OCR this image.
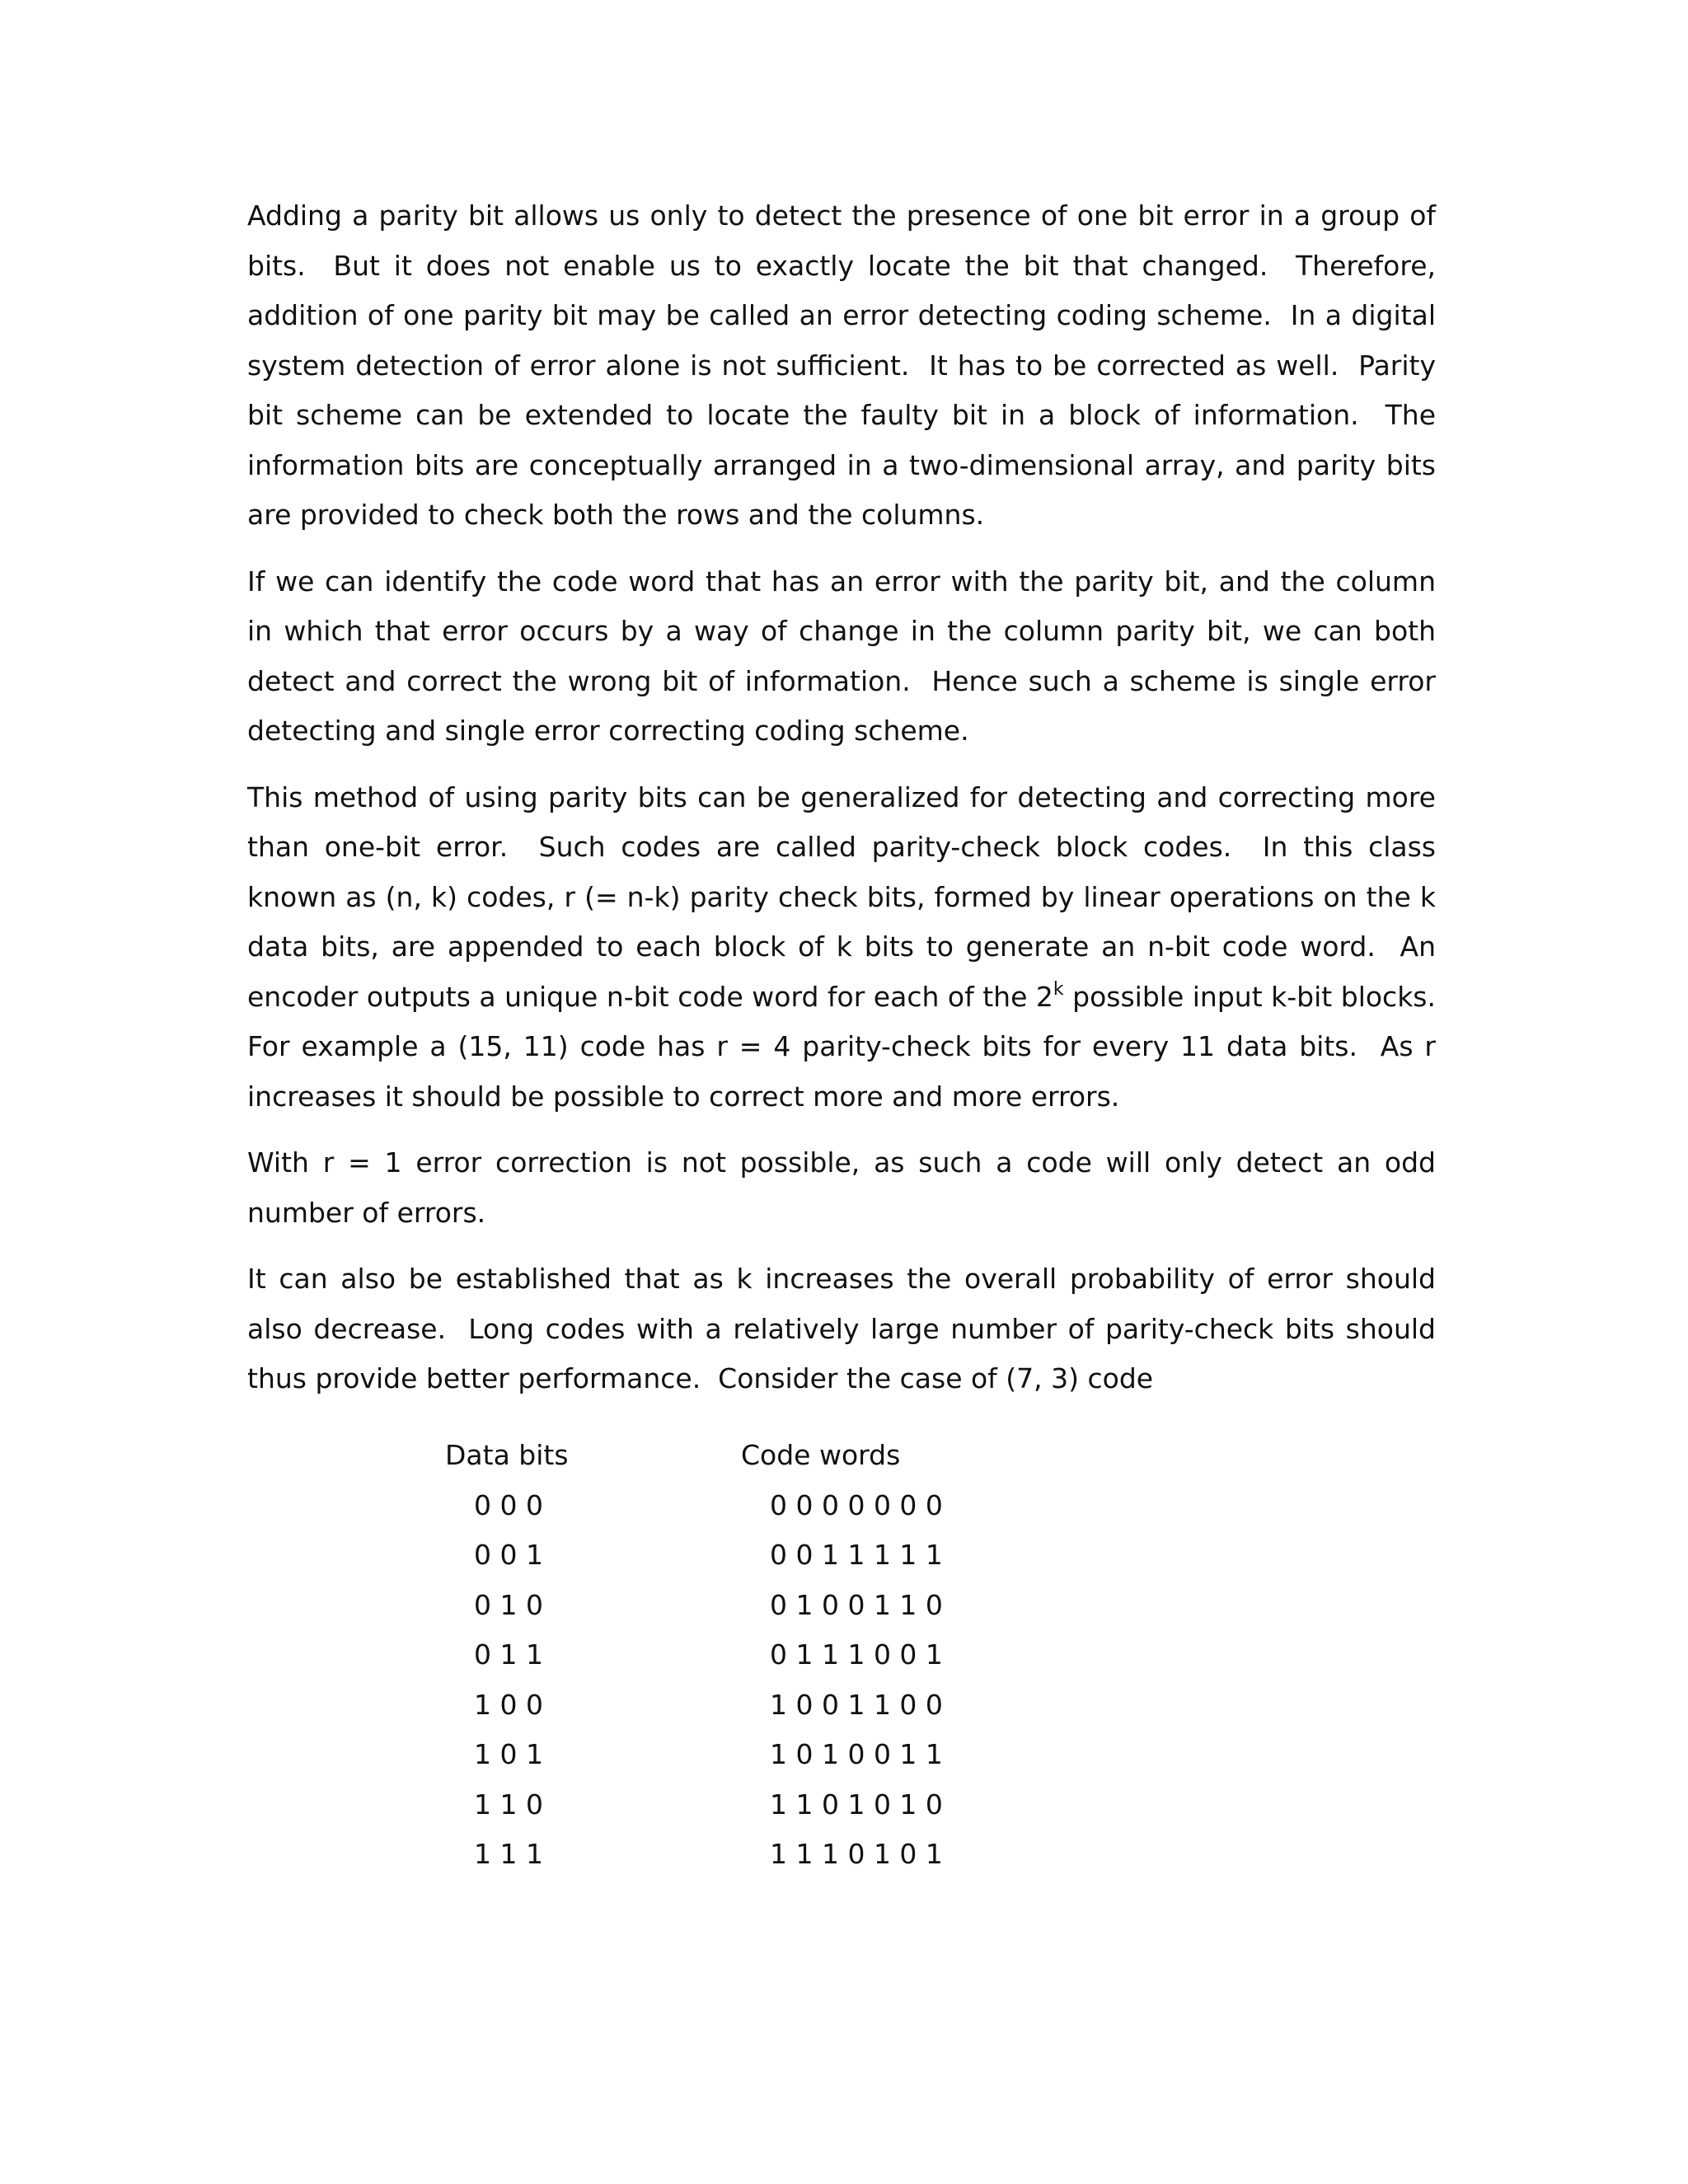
Adding a parity bit allows us only to detect the presence of one bit error in a group of bits.  But it does not enable us to exactly locate the bit that changed.  Therefore, addition of one parity bit may be called an error detecting coding scheme.  In a digital system detection of error alone is not sufficient.  It has to be corrected as well.  Parity bit scheme can be extended to locate the faulty bit in a block of information.  The information bits are conceptually arranged in a two-dimensional array, and parity bits are provided to check both the rows and the columns.

If we can identify the code word that has an error with the parity bit, and the column in which that error occurs by a way of change in the column parity bit, we can both detect and correct the wrong bit of information.  Hence such a scheme is single error detecting and single error correcting coding scheme.

This method of using parity bits can be generalized for detecting and correcting more than one-bit error.  Such codes are called parity-check block codes.  In this class known as (n, k) codes, r (= n-k) parity check bits, formed by linear operations on the k data bits, are appended to each block of k bits to generate an n-bit code word.  An encoder outputs a unique n-bit code word for each of the 2$^k$ possible input k-bit blocks.  For example a (15, 11) code has r = 4 parity-check bits for every 11 data bits.  As r increases it should be possible to correct more and more errors.

With r = 1 error correction is not possible, as such a code will only detect an odd number of errors.

It can also be established that as k increases the overall probability of error should also decrease.  Long codes with a relatively large number of parity-check bits should thus provide better performance.  Consider the case of (7, 3) code

Data bits	Code words
0 0 0	0 0 0 0 0 0 0
0 0 1	0 0 1 1 1 1 1
0 1 0	0 1 0 0 1 1 0
0 1 1	0 1 1 1 0 0 1
1 0 0	1 0 0 1 1 0 0
1 0 1	1 0 1 0 0 1 1
1 1 0	1 1 0 1 0 1 0
1 1 1	1 1 1 0 1 0 1
